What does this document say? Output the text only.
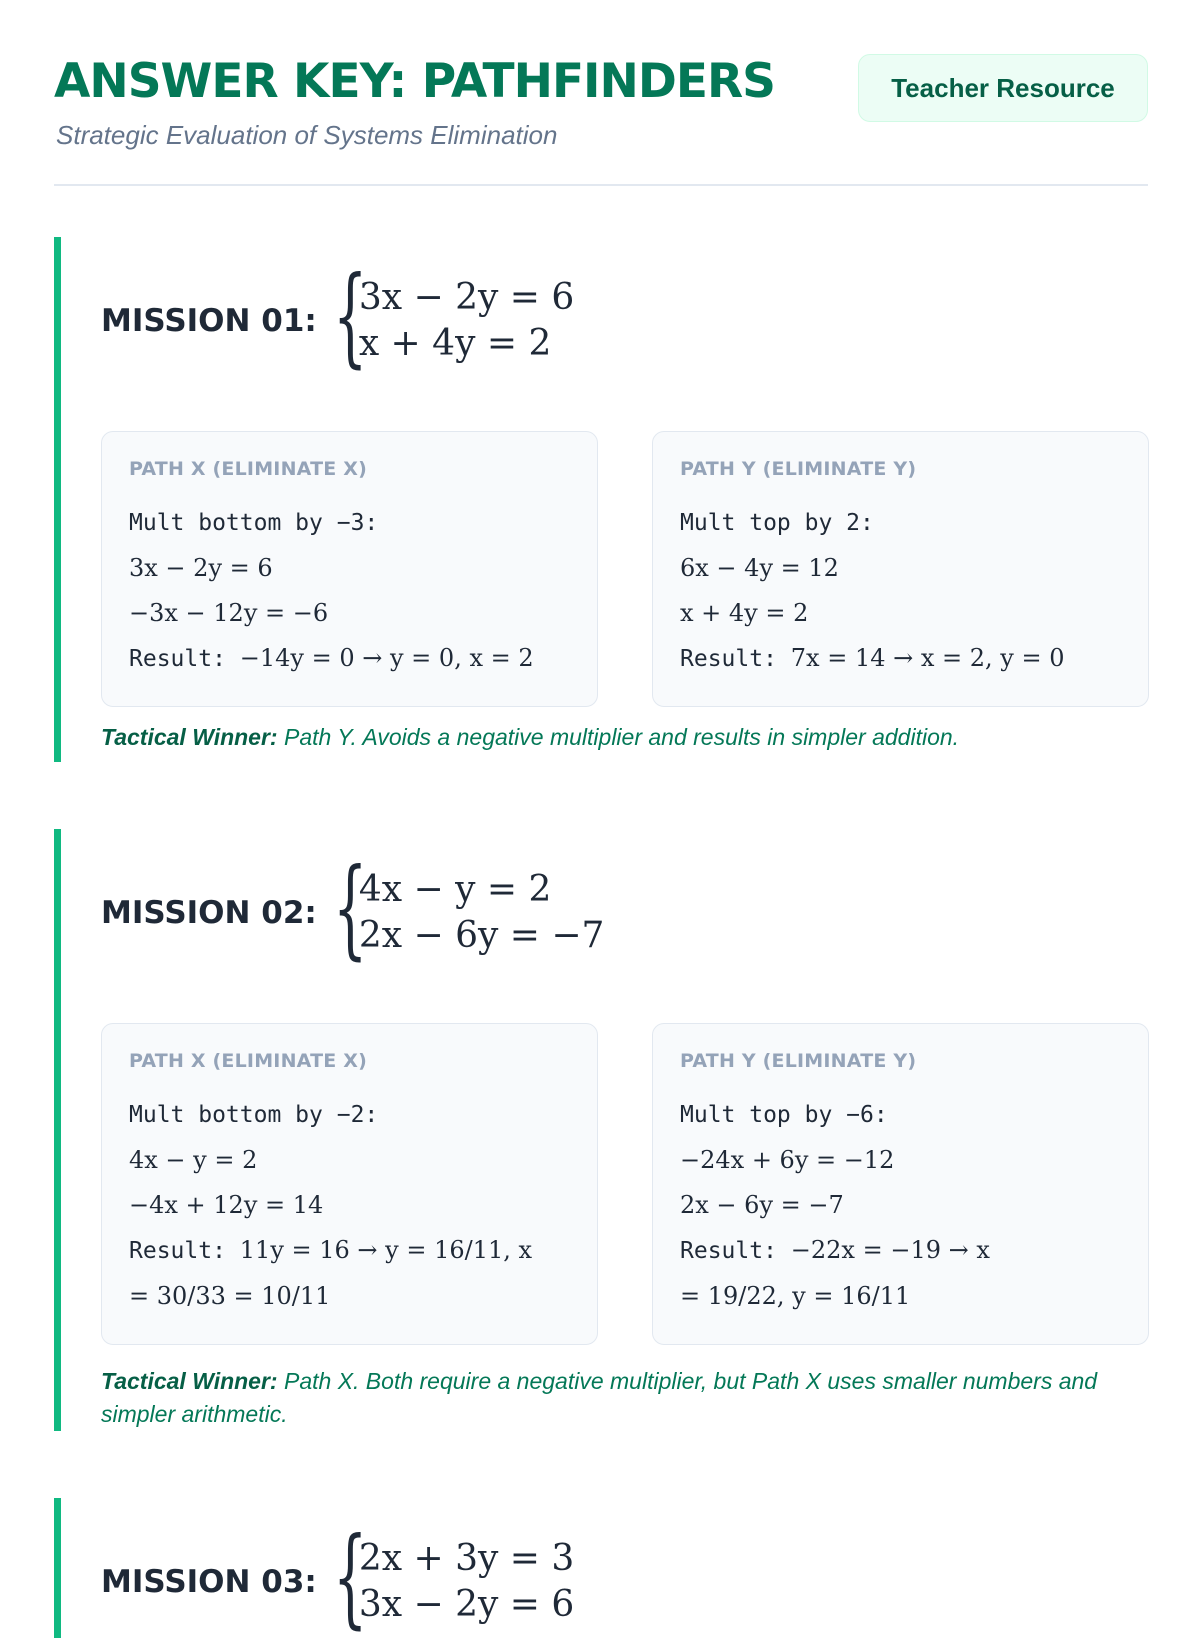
ANSWER KEY: PATHFINDERS
Strategic Evaluation of Systems Elimination
Teacher Resource
MISSION 01: {
3x − 2y = 6
x + 4y = 2
PATH X (ELIMINATE X)
Mult bottom by −3:
3x − 2y = 6
−3x − 12y = −6
Result: −14y = 0 → y = 0, x = 2
PATH Y (ELIMINATE Y)
Mult top by 2:
6x − 4y = 12
x + 4y = 2
Result: 7x = 14 → x = 2, y = 0
Tactical Winner: Path Y. Avoids a negative multiplier and results in simpler addition.
MISSION 02: {
4x − y = 2
2x − 6y = −7
PATH X (ELIMINATE X)
Mult bottom by −2:
4x − y = 2
−4x + 12y = 14
Result: 11y = 16 → y = 16/11, x
= 30/33 = 10/11
PATH Y (ELIMINATE Y)
Mult top by −6:
−24x + 6y = −12
2x − 6y = −7
Result: −22x = −19 → x
= 19/22, y = 16/11
Tactical Winner: Path X. Both require a negative multiplier, but Path X uses smaller numbers and simpler arithmetic.
MISSION 03: {
2x + 3y = 3
3x − 2y = 6
